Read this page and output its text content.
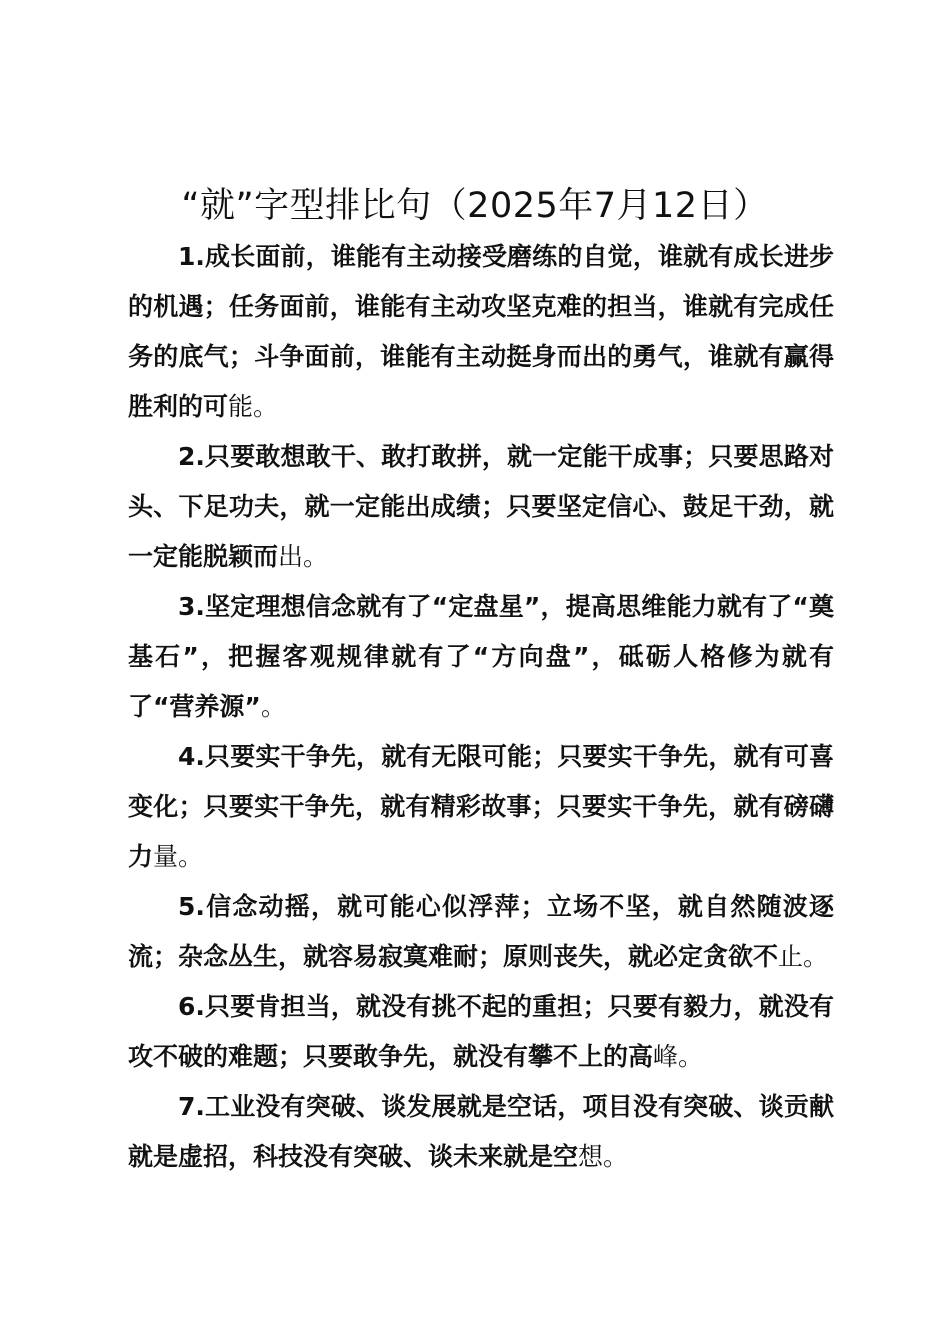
“就”字型排比句（2025年7月12日）

1.成长面前，谁能有主动接受磨练的自觉，谁就有成长进步的机遇；任务面前，谁能有主动攻坚克难的担当，谁就有完成任务的底气；斗争面前，谁能有主动挺身而出的勇气，谁就有赢得胜利的可能。

2.只要敢想敢干、敢打敢拼，就一定能干成事；只要思路对头、下足功夫，就一定能出成绩；只要坚定信心、鼓足干劲，就一定能脱颖而出。

3.坚定理想信念就有了“定盘星”，提高思维能力就有了“奠基石”，把握客观规律就有了“方向盘”，砥砺人格修为就有了“营养源”。

4.只要实干争先，就有无限可能；只要实干争先，就有可喜变化；只要实干争先，就有精彩故事；只要实干争先，就有磅礴力量。

5.信念动摇，就可能心似浮萍；立场不坚，就自然随波逐流；杂念丛生，就容易寂寞难耐；原则丧失，就必定贪欲不止。

6.只要肯担当，就没有挑不起的重担；只要有毅力，就没有攻不破的难题；只要敢争先，就没有攀不上的高峰。

7.工业没有突破、谈发展就是空话，项目没有突破、谈贡献就是虚招，科技没有突破、谈未来就是空想。
